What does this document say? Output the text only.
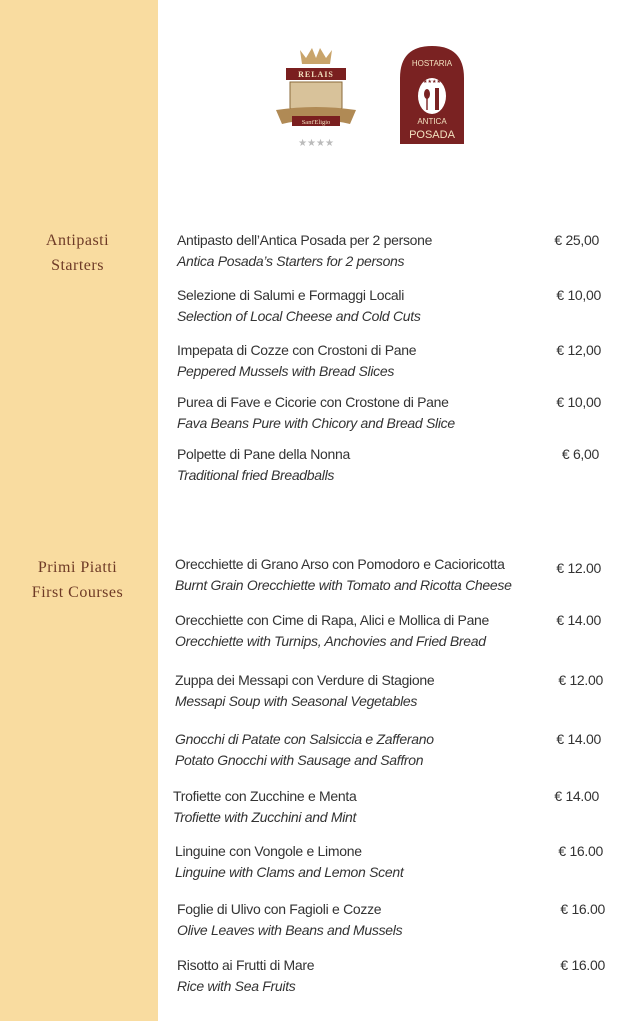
RELAIS
Sant'Eligio
★★★★
HOSTARIA
★★★★
ANTICA
POSADA
Antipasti
Starters
Primi Piatti
First Courses
Antipasto dell’Antica Posada per 2 persone
Antica Posada’s Starters for 2 persons
€ 25,00
Selezione di Salumi e Formaggi Locali
Selection of Local Cheese and Cold Cuts
€ 10,00
Impepata di Cozze con Crostoni di Pane
Peppered Mussels with Bread Slices
€ 12,00
Purea di Fave e Cicorie con Crostone di Pane
Fava Beans Pure with Chicory and Bread Slice
€ 10,00
Polpette di Pane della Nonna
Traditional fried Breadballs
€ 6,00
Orecchiette di Grano Arso con Pomodoro e Cacioricotta
Burnt Grain Orecchiette with Tomato and Ricotta Cheese
€ 12.00
Orecchiette con Cime di Rapa, Alici e Mollica di Pane
Orecchiette with Turnips, Anchovies and Fried Bread
€ 14.00
Zuppa dei Messapi con Verdure di Stagione
Messapi Soup with Seasonal Vegetables
€ 12.00
Gnocchi di Patate con Salsiccia e Zafferano
Potato Gnocchi with Sausage and Saffron
€ 14.00
Trofiette con Zucchine e Menta
Trofiette with Zucchini and Mint
€ 14.00
Linguine con Vongole e Limone
Linguine with Clams and Lemon Scent
€ 16.00
Foglie di Ulivo con Fagioli e Cozze
Olive Leaves with Beans and Mussels
€ 16.00
Risotto ai Frutti di Mare
Rice with Sea Fruits
€ 16.00
